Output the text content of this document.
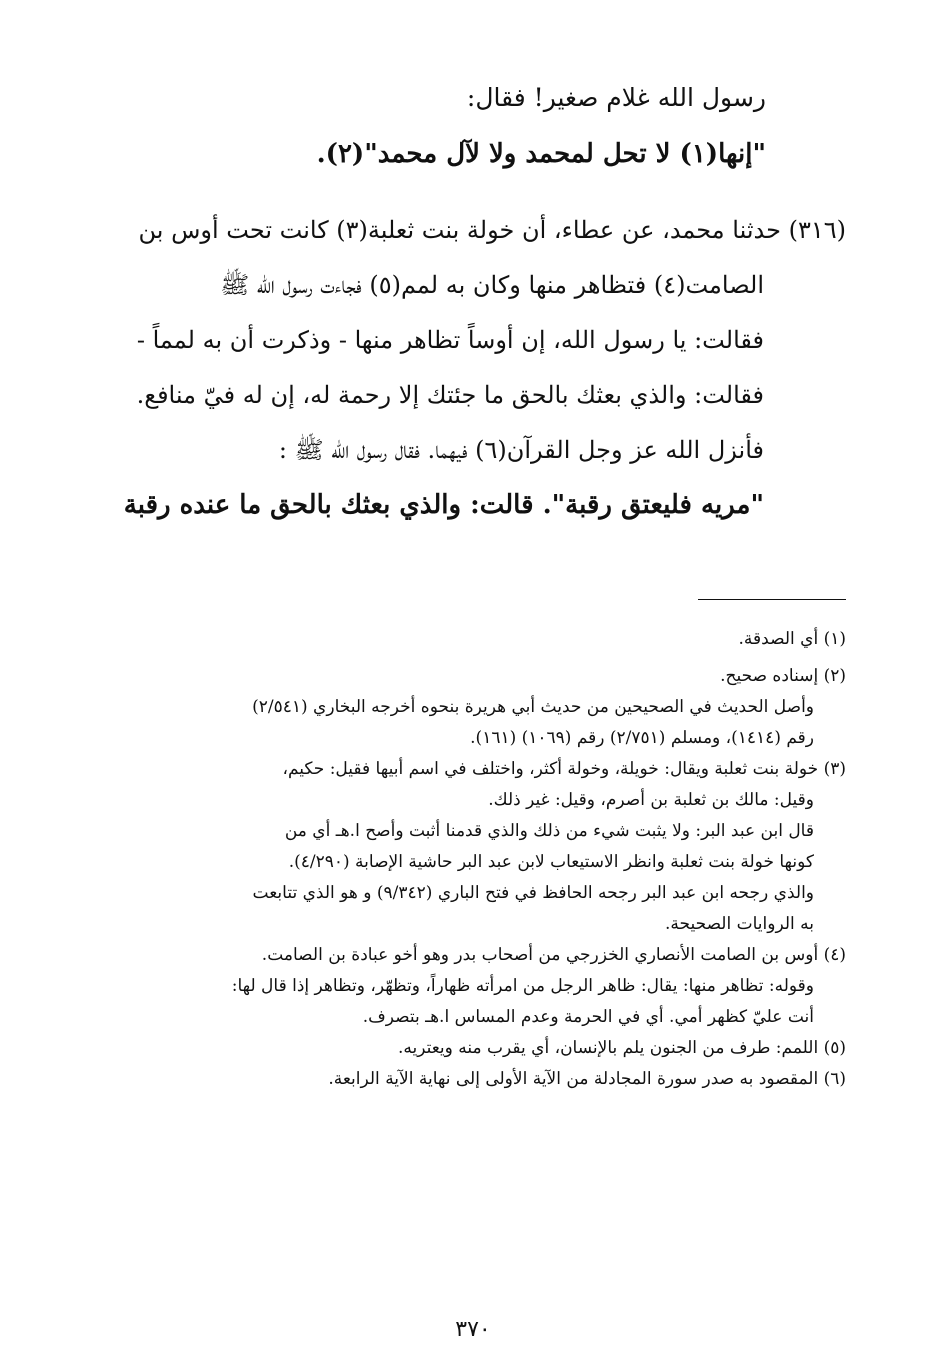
رسول الله غلام صغير! فقال:
"إنها(١) لا تحل لمحمد ولا لآل محمد"(٢).
(٣١٦) حدثنا محمد، عن عطاء، أن خولة بنت ثعلبة(٣) كانت تحت أوس بن
الصامت(٤) فتظاهر منها وكان به لمم(٥) فجاءت رسول الله ﷺ
فقالت: يا رسول الله، إن أوساً تظاهر منها - وذكرت أن به لمماً -
فقالت: والذي بعثك بالحق ما جئتك إلا رحمة له، إن له فيّ منافع.
فأنزل الله عز وجل القرآن(٦) فيهما. فقال رسول الله ﷺ :
"مريه فليعتق رقبة". قالت: والذي بعثك بالحق ما عنده رقبة
(١) أي الصدقة.
(٢) إسناده صحيح.
وأصل الحديث في الصحيحين من حديث أبي هريرة بنحوه أخرجه البخاري (٢/٥٤١)
رقم (١٤١٤)، ومسلم (٢/٧٥١) رقم (١٠٦٩) (١٦١).
(٣) خولة بنت ثعلبة ويقال: خويلة، وخولة أكثر، واختلف في اسم أبيها فقيل: حكيم،
وقيل: مالك بن ثعلبة بن أصرم، وقيل: غير ذلك.
قال ابن عبد البر: ولا يثبت شيء من ذلك والذي قدمنا أثبت وأصح ا.هـ أي من
كونها خولة بنت ثعلبة وانظر الاستيعاب لابن عبد البر حاشية الإصابة (٤/٢٩٠).
والذي رجحه ابن عبد البر رجحه الحافظ في فتح الباري (٩/٣٤٢) و هو الذي تتابعت
به الروايات الصحيحة.
(٤) أوس بن الصامت الأنصاري الخزرجي من أصحاب بدر وهو أخو عبادة بن الصامت.
وقوله: تظاهر منها: يقال: ظاهر الرجل من امرأته ظهاراً، وتظهّر، وتظاهر إذا قال لها:
أنت عليّ كظهر أمي. أي في الحرمة وعدم المساس ا.هـ بتصرف.
(٥) اللمم: طرف من الجنون يلم بالإنسان، أي يقرب منه ويعتريه.
(٦) المقصود به صدر سورة المجادلة من الآية الأولى إلى نهاية الآية الرابعة.
٣٧٠
